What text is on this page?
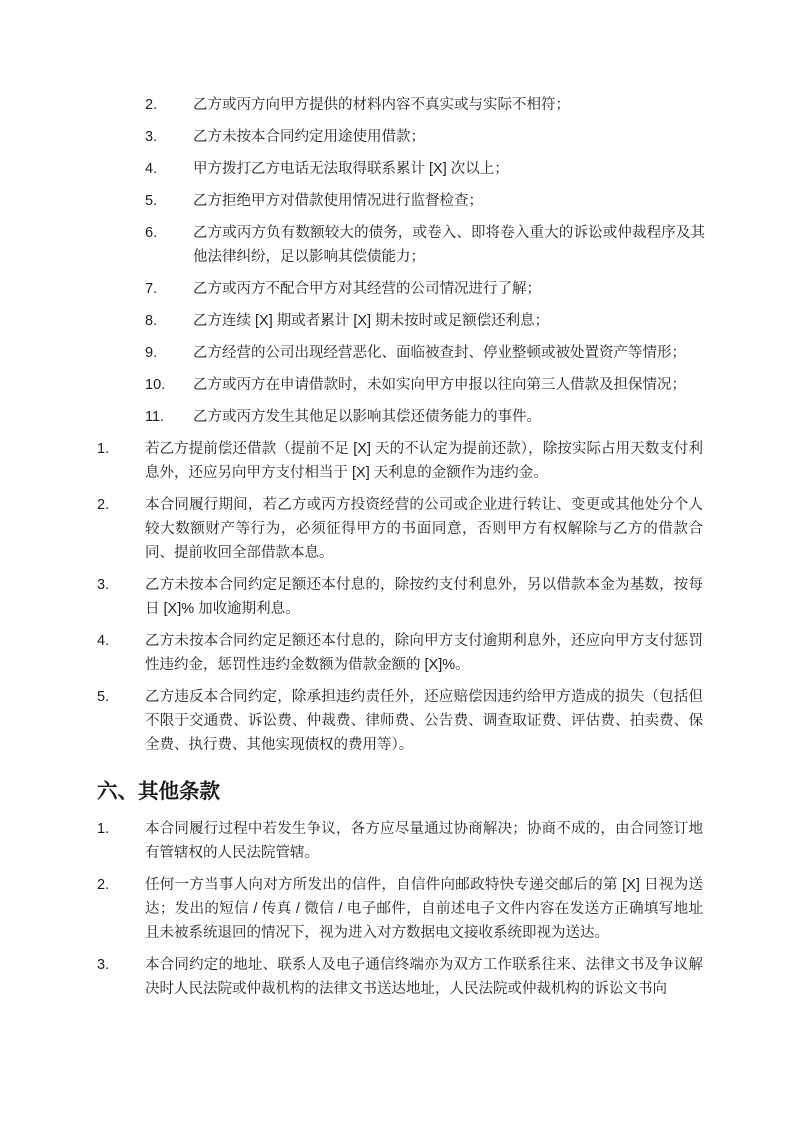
2.	乙方或丙方向甲方提供的材料内容不真实或与实际不相符；
3.	乙方未按本合同约定用途使用借款；
4.	甲方拨打乙方电话无法取得联系累计 [X] 次以上；
5.	乙方拒绝甲方对借款使用情况进行监督检查；
6.	乙方或丙方负有数额较大的债务，或卷入、即将卷入重大的诉讼或仲裁程序及其他法律纠纷，足以影响其偿债能力；
7.	乙方或丙方不配合甲方对其经营的公司情况进行了解；
8.	乙方连续 [X] 期或者累计 [X] 期未按时或足额偿还利息；
9.	乙方经营的公司出现经营恶化、面临被查封、停业整顿或被处置资产等情形；
10.	乙方或丙方在申请借款时，未如实向甲方申报以往向第三人借款及担保情况；
11.	乙方或丙方发生其他足以影响其偿还债务能力的事件。
1.	若乙方提前偿还借款（提前不足 [X] 天的不认定为提前还款），除按实际占用天数支付利息外，还应另向甲方支付相当于 [X] 天利息的金额作为违约金。
2.	本合同履行期间，若乙方或丙方投资经营的公司或企业进行转让、变更或其他处分个人较大数额财产等行为，必须征得甲方的书面同意，否则甲方有权解除与乙方的借款合同、提前收回全部借款本息。
3.	乙方未按本合同约定足额还本付息的，除按约支付利息外，另以借款本金为基数，按每日 [X]% 加收逾期利息。
4.	乙方未按本合同约定足额还本付息的，除向甲方支付逾期利息外，还应向甲方支付惩罚性违约金，惩罚性违约金数额为借款金额的 [X]%。
5.	乙方违反本合同约定，除承担违约责任外，还应赔偿因违约给甲方造成的损失（包括但不限于交通费、诉讼费、仲裁费、律师费、公告费、调查取证费、评估费、拍卖费、保全费、执行费、其他实现债权的费用等）。
六、其他条款
1.	本合同履行过程中若发生争议，各方应尽量通过协商解决；协商不成的，由合同签订地有管辖权的人民法院管辖。
2.	任何一方当事人向对方所发出的信件，自信件向邮政特快专递交邮后的第 [X] 日视为送达；发出的短信 / 传真 / 微信 / 电子邮件，自前述电子文件内容在发送方正确填写地址且未被系统退回的情况下，视为进入对方数据电文接收系统即视为送达。
3.	本合同约定的地址、联系人及电子通信终端亦为双方工作联系往来、法律文书及争议解决时人民法院或仲裁机构的法律文书送达地址，人民法院或仲裁机构的诉讼文书向
